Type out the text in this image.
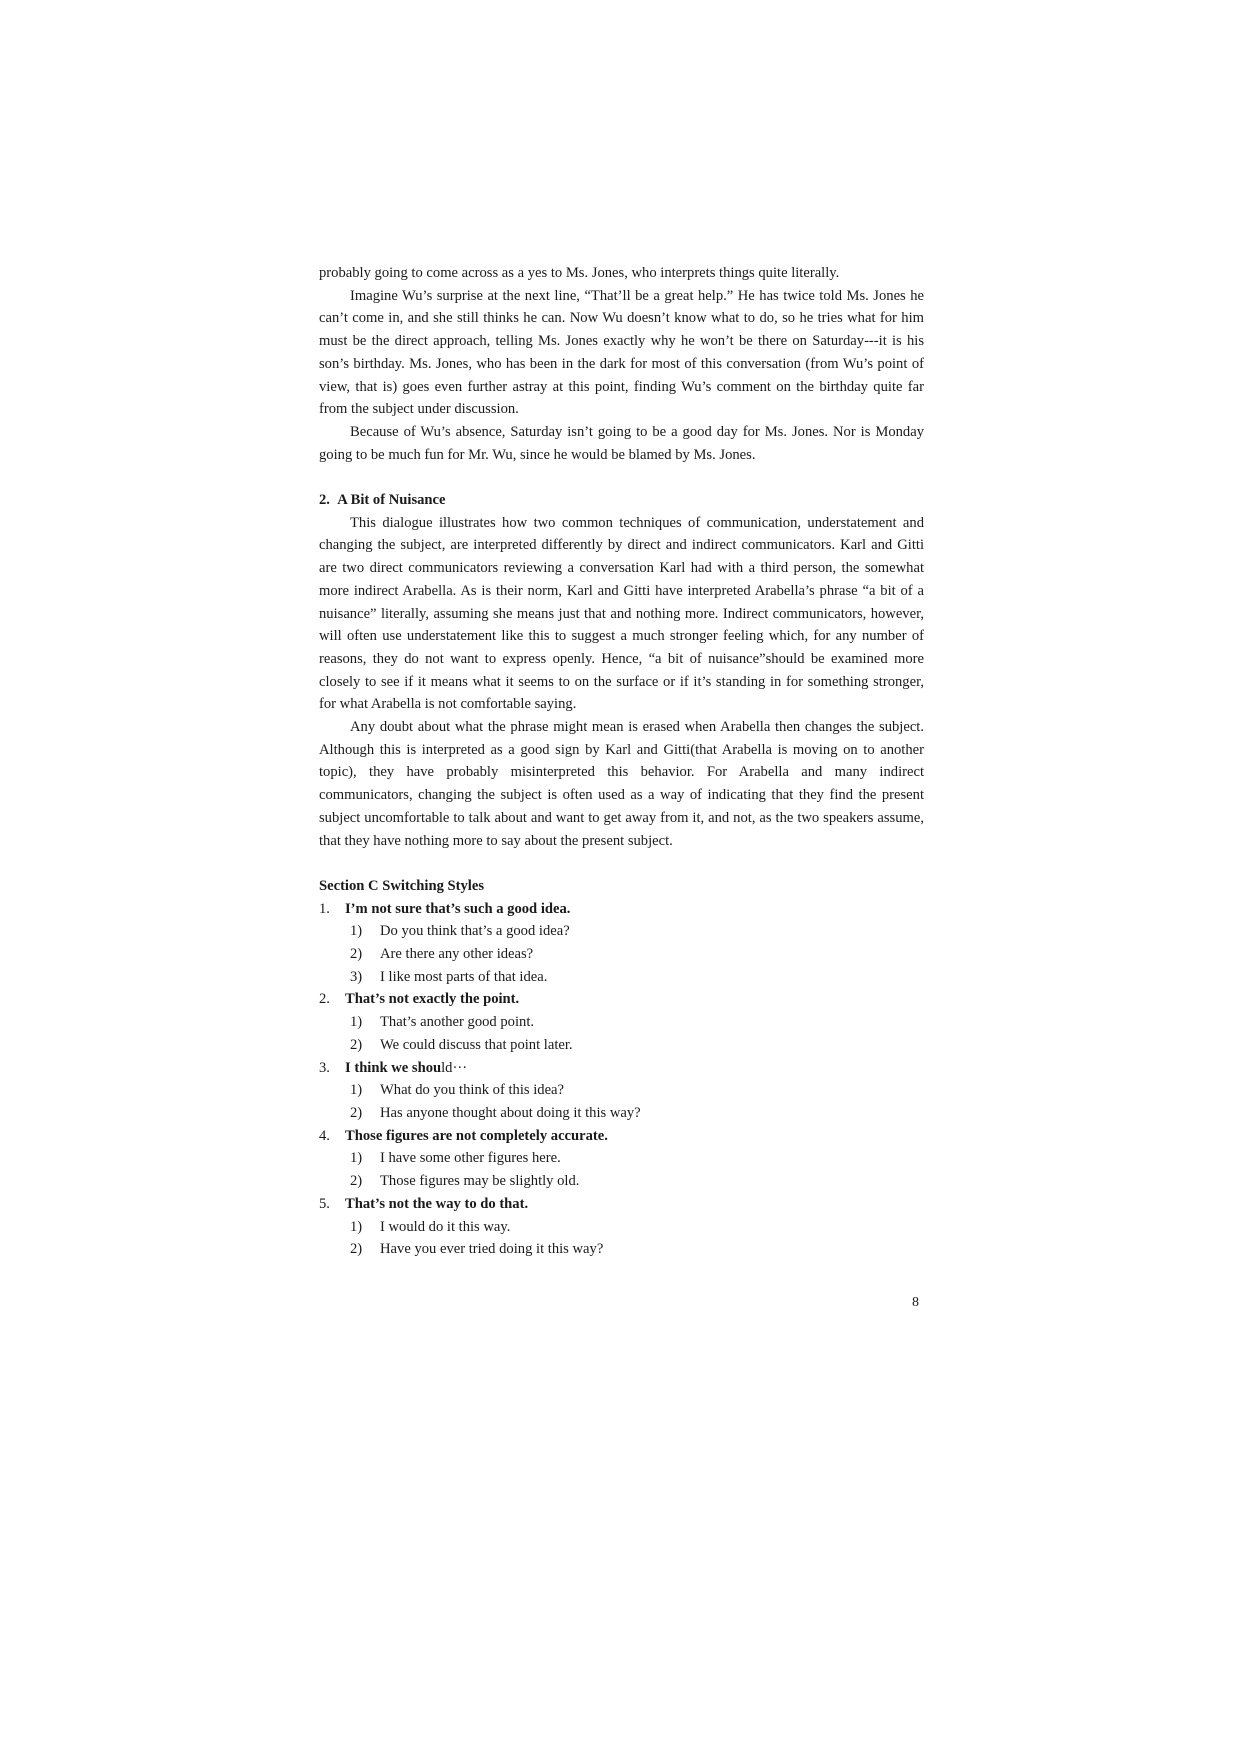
probably going to come across as a yes to Ms. Jones, who interprets things quite literally.

Imagine Wu’s surprise at the next line, “That’ll be a great help.” He has twice told Ms. Jones he can’t come in, and she still thinks he can. Now Wu doesn’t know what to do, so he tries what for him must be the direct approach, telling Ms. Jones exactly why he won’t be there on Saturday---it is his son’s birthday. Ms. Jones, who has been in the dark for most of this conversation (from Wu’s point of view, that is) goes even further astray at this point, finding Wu’s comment on the birthday quite far from the subject under discussion.

Because of Wu’s absence, Saturday isn’t going to be a good day for Ms. Jones. Nor is Monday going to be much fun for Mr. Wu, since he would be blamed by Ms. Jones.

2. A Bit of Nuisance

This dialogue illustrates how two common techniques of communication, understatement and changing the subject, are interpreted differently by direct and indirect communicators. Karl and Gitti are two direct communicators reviewing a conversation Karl had with a third person, the somewhat more indirect Arabella. As is their norm, Karl and Gitti have interpreted Arabella’s phrase “a bit of a nuisance” literally, assuming she means just that and nothing more. Indirect communicators, however, will often use understatement like this to suggest a much stronger feeling which, for any number of reasons, they do not want to express openly. Hence, “a bit of nuisance”should be examined more closely to see if it means what it seems to on the surface or if it’s standing in for something stronger, for what Arabella is not comfortable saying.

Any doubt about what the phrase might mean is erased when Arabella then changes the subject. Although this is interpreted as a good sign by Karl and Gitti(that Arabella is moving on to another topic), they have probably misinterpreted this behavior. For Arabella and many indirect communicators, changing the subject is often used as a way of indicating that they find the present subject uncomfortable to talk about and want to get away from it, and not, as the two speakers assume, that they have nothing more to say about the present subject.

Section C Switching Styles

1. I’m not sure that’s such a good idea.
1) Do you think that’s a good idea?
2) Are there any other ideas?
3) I like most parts of that idea.
2. That’s not exactly the point.
1) That’s another good point.
2) We could discuss that point later.
3. I think we should···
1) What do you think of this idea?
2) Has anyone thought about doing it this way?
4. Those figures are not completely accurate.
1) I have some other figures here.
2) Those figures may be slightly old.
5. That’s not the way to do that.
1) I would do it this way.
2) Have you ever tried doing it this way?
8
